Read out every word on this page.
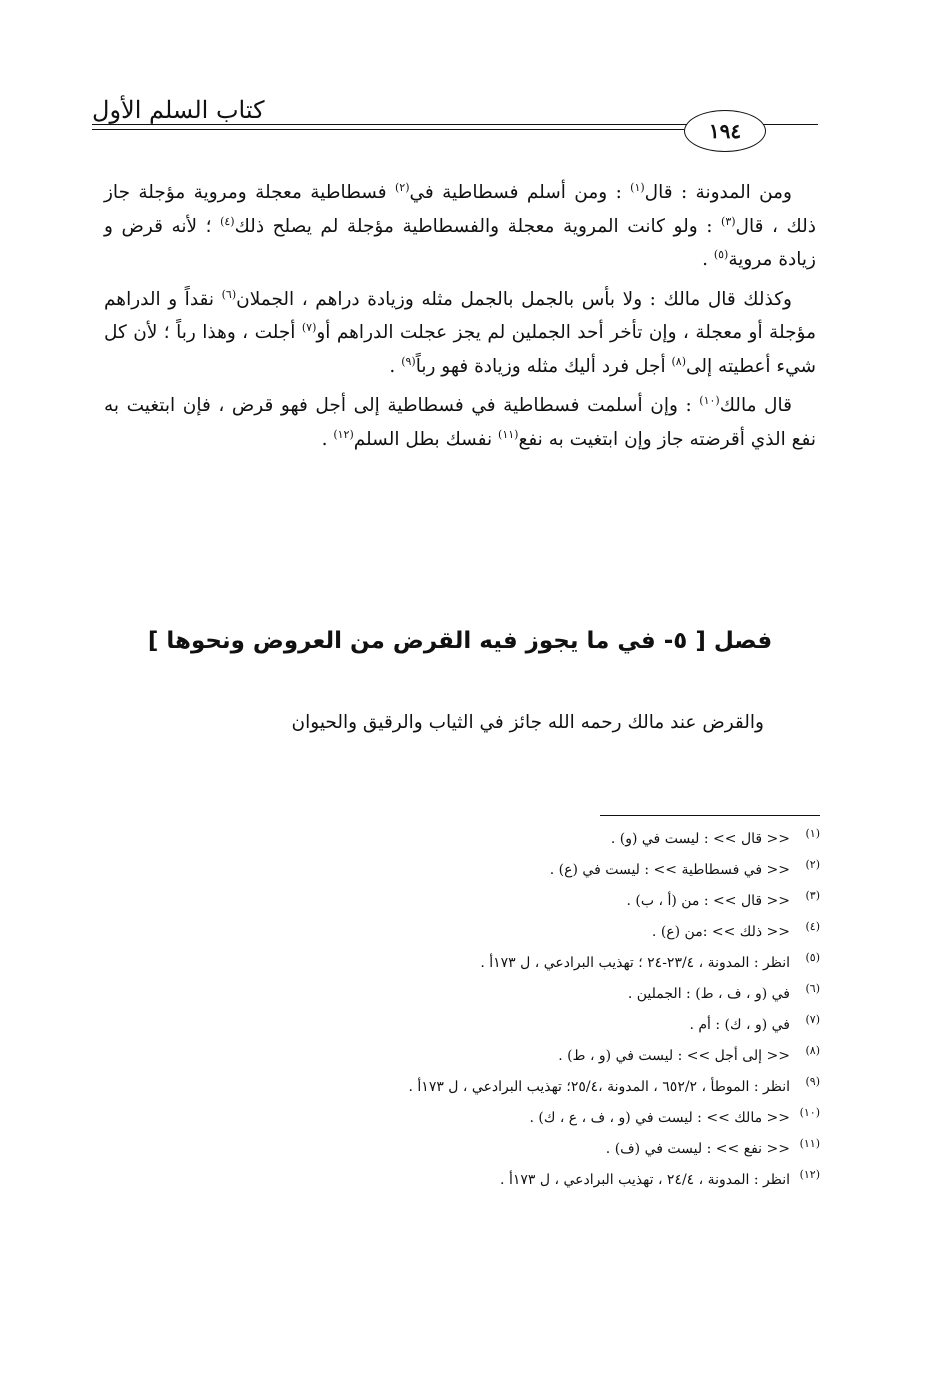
كتاب السلم الأول
١٩٤

ومن المدونة : قال$^{(١)}$ : ومن أسلم فسطاطية في$^{(٢)}$ فسطاطية معجلة ومروية مؤجلة جاز ذلك ، قال$^{(٣)}$ : ولو كانت المروية معجلة والفسطاطية مؤجلة لم يصلح ذلك$^{(٤)}$ ؛ لأنه قرض و زيادة مروية$^{(٥)}$ .

وكذلك قال مالك : ولا بأس بالجمل بالجمل مثله وزيادة دراهم ، الجملان$^{(٦)}$ نقداً و الدراهم مؤجلة أو معجلة ، وإن تأخر أحد الجملين لم يجز عجلت الدراهم أو$^{(٧)}$ أجلت ، وهذا رباً ؛ لأن كل شيء أعطيته إلى$^{(٨)}$ أجل فرد أليك مثله وزيادة فهو رباً$^{(٩)}$ .

قال مالك$^{(١٠)}$ : وإن أسلمت فسطاطية في فسطاطية إلى أجل فهو قرض ، فإن ابتغيت به نفع الذي أقرضته جاز وإن ابتغيت به نفع$^{(١١)}$ نفسك بطل السلم$^{(١٢)}$ .

فصل [ ٥- في ما يجوز فيه القرض من العروض ونحوها ]
والقرض عند مالك رحمه الله جائز في الثياب والرقيق والحيوان
(١)<< قال >> : ليست في (و) .
(٢)<< في فسطاطية >> : ليست في (ع) .
(٣)<< قال >> : من (أ ، ب) .
(٤)<< ذلك >> :من (ع) .
(٥)انظر : المدونة ، ٢٣/٤-٢٤ ؛ تهذيب البرادعي ، ل ١٧٣أ .
(٦)في (و ، ف ، ط) : الجملين .
(٧)في (و ، ك) : أم .
(٨)<< إلى أجل >> : ليست في (و ، ط) .
(٩)انظر : الموطأ ، ٦٥٢/٢ ، المدونة ،٢٥/٤؛ تهذيب البرادعي ، ل ١٧٣أ .
(١٠)<< مالك >> : ليست في (و ، ف ، ع ، ك) .
(١١)<< نفع >> : ليست في (ف) .
(١٢)انظر : المدونة ، ٢٤/٤ ، تهذيب البرادعي ، ل ١٧٣أ .
